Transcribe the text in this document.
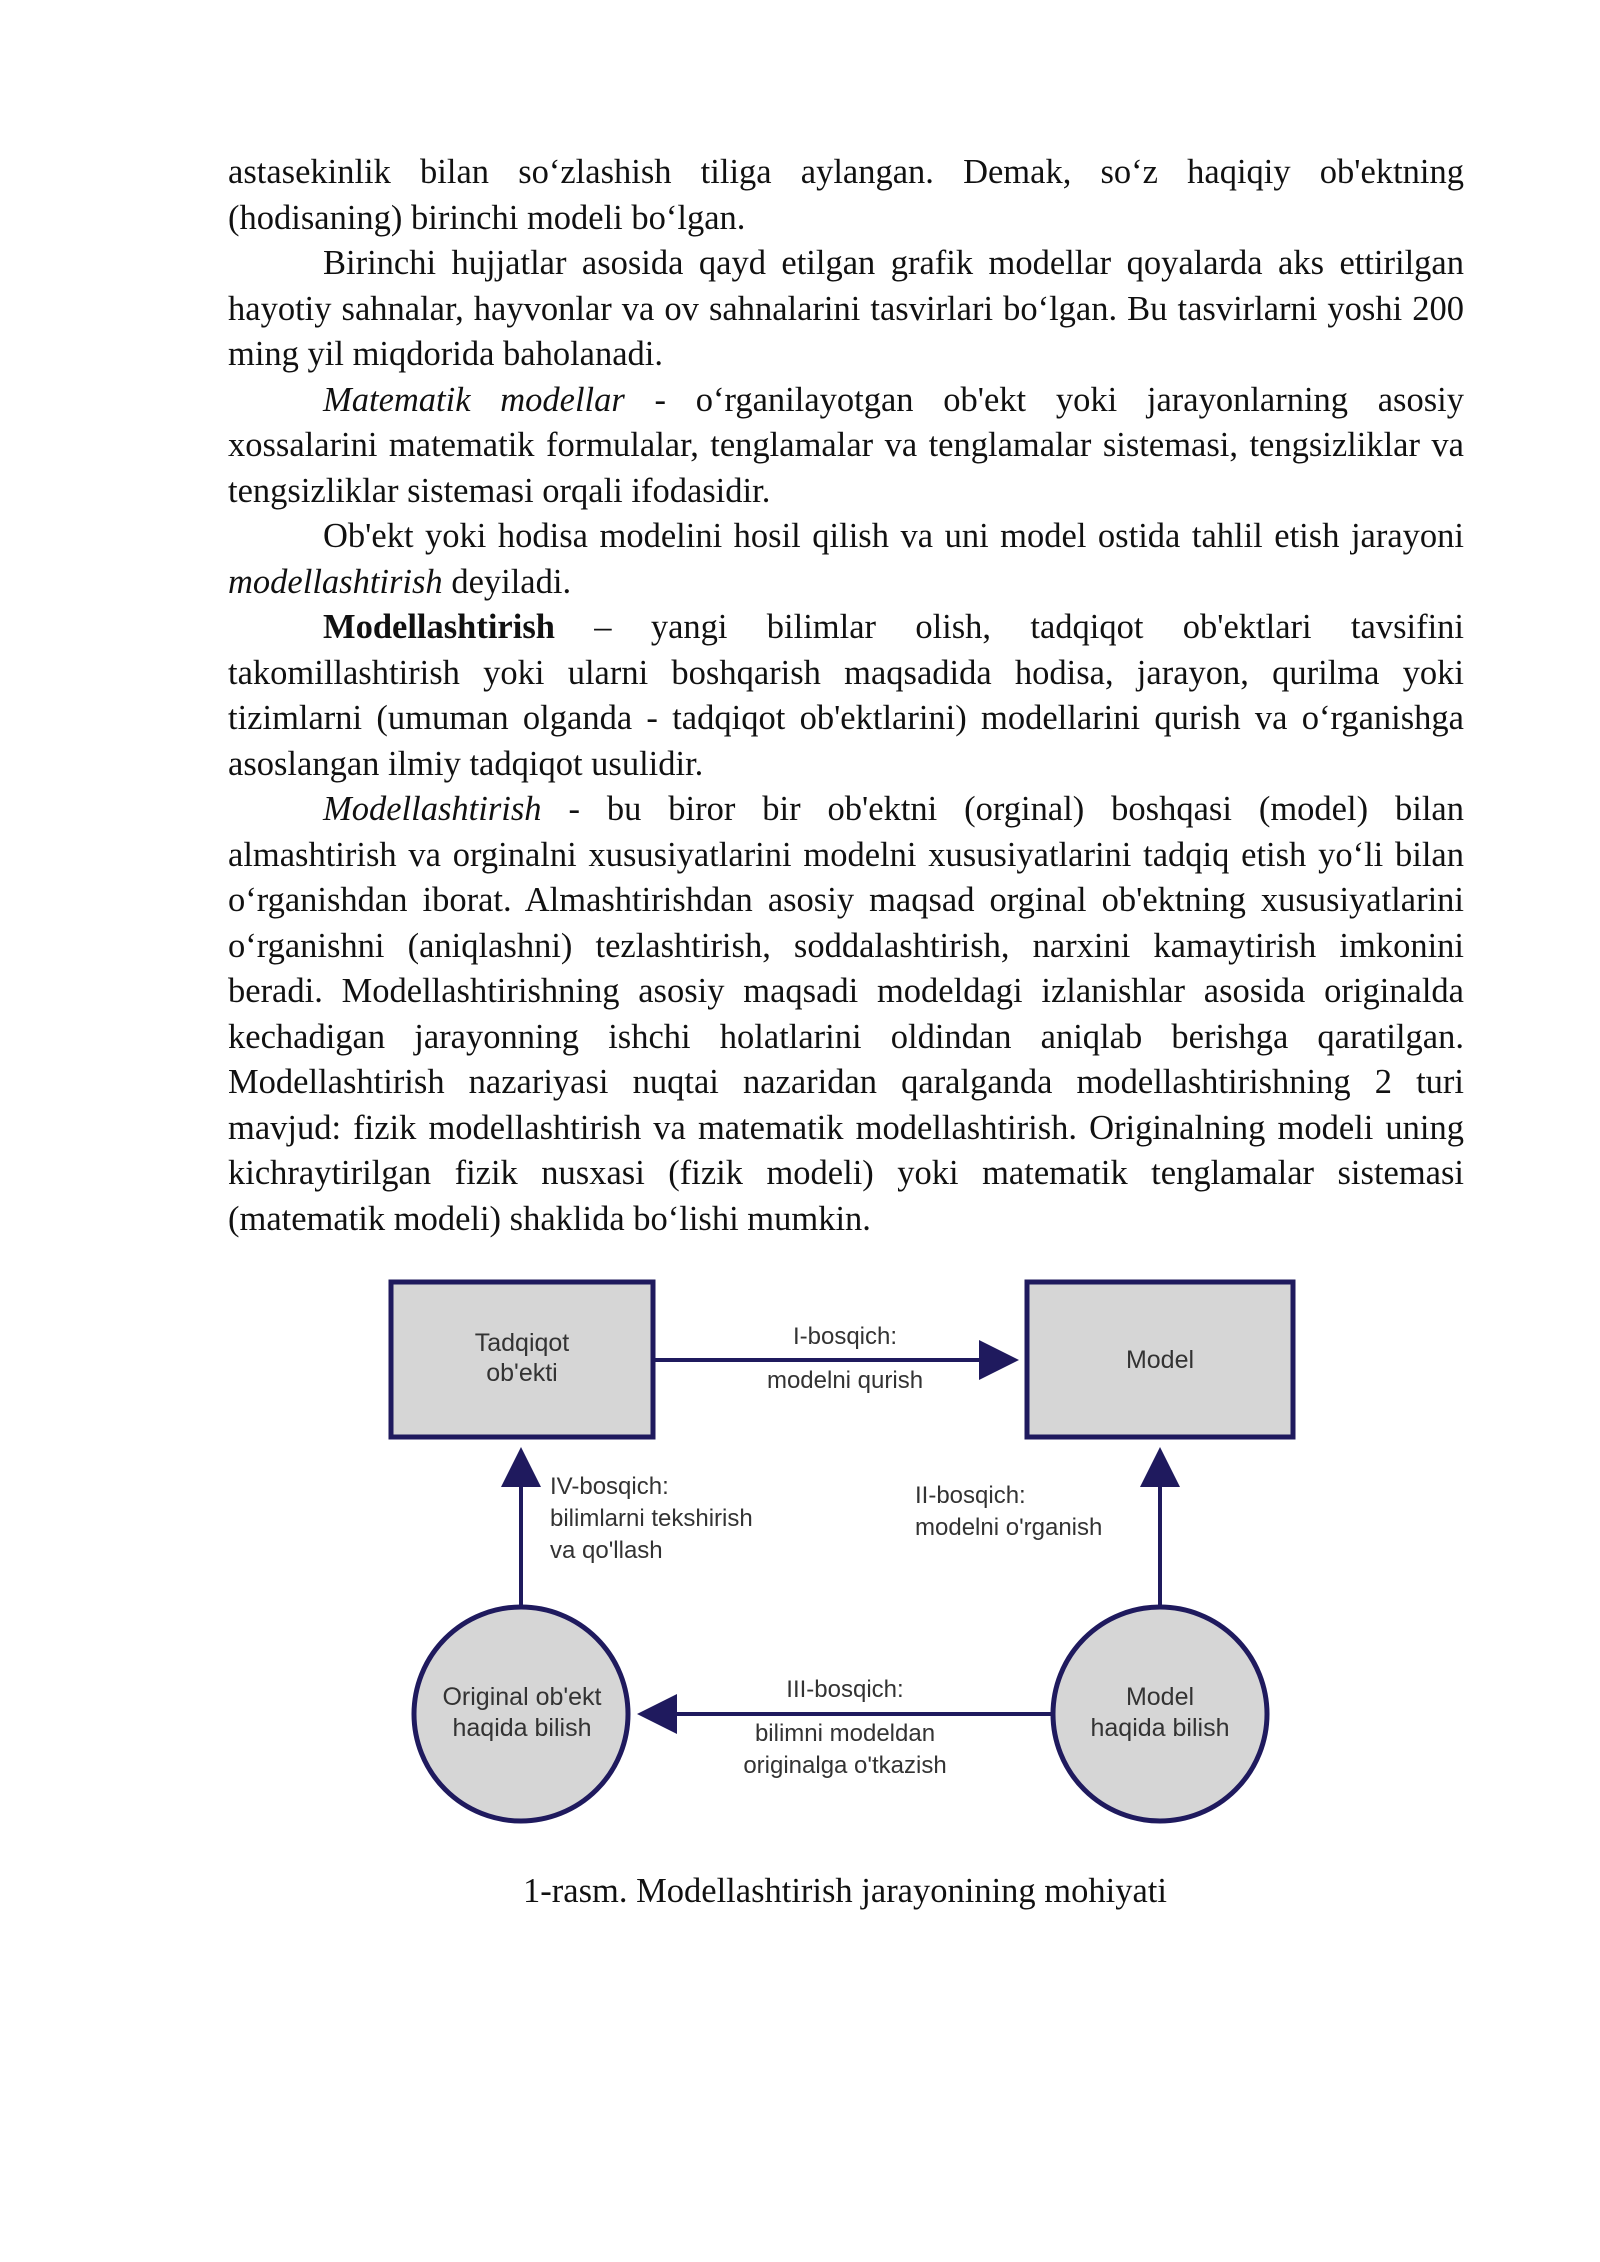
astasekinlik bilan so‘zlashish tiliga aylangan. Demak, so‘z haqiqiy ob'ektning (hodisaning) birinchi modeli bo‘lgan.

Birinchi hujjatlar asosida qayd etilgan grafik modellar qoyalarda aks ettirilgan hayotiy sahnalar, hayvonlar va ov sahnalarini tasvirlari bo‘lgan. Bu tasvirlarni yoshi 200 ming yil miqdorida baholanadi.

Matematik modellar - o‘rganilayotgan ob'ekt yoki jarayonlarning asosiy xossalarini matematik formulalar, tenglamalar va tenglamalar sistemasi, tengsizliklar va tengsizliklar sistemasi orqali ifodasidir.

Ob'ekt yoki hodisa modelini hosil qilish va uni model ostida tahlil etish jarayoni modellashtirish deyiladi.

Modellashtirish – yangi bilimlar olish, tadqiqot ob'ektlari tavsifini takomillashtirish yoki ularni boshqarish maqsadida hodisa, jarayon, qurilma yoki tizimlarni (umuman olganda - tadqiqot ob'ektlarini) modellarini qurish va o‘rganishga asoslangan ilmiy tadqiqot usulidir.

Modellashtirish - bu biror bir ob'ektni (orginal) boshqasi (model) bilan almashtirish va orginalni xususiyatlarini modelni xususiyatlarini tadqiq etish yo‘li bilan o‘rganishdan iborat. Almashtirishdan asosiy maqsad orginal ob'ektning xususiyatlarini o‘rganishni (aniqlashni) tezlashtirish, soddalashtirish, narxini kamaytirish imkonini beradi. Modellashtirishning asosiy maqsadi modeldagi izlanishlar asosida originalda kechadigan jarayonning ishchi holatlarini oldindan aniqlab berishga qaratilgan. Modellashtirish nazariyasi nuqtai nazaridan qaralganda modellashtirishning 2 turi mavjud: fizik modellashtirish va matematik modellashtirish. Originalning modeli uning kichraytirilgan fizik nusxasi (fizik modeli) yoki matematik tenglamalar sistemasi (matematik modeli) shaklida bo‘lishi mumkin.

Tadqiqot
ob'ekti	Model
Original ob'ekt
haqida bilish
Model
haqida bilish
I-bosqich:
modelni qurish
II-bosqich:
modelni o'rganish
III-bosqich:
bilimni modeldan
originalga o'tkazish
IV-bosqich:
bilimlarni tekshirish
va qo'llash
1-rasm. Modellashtirish jarayonining mohiyati
